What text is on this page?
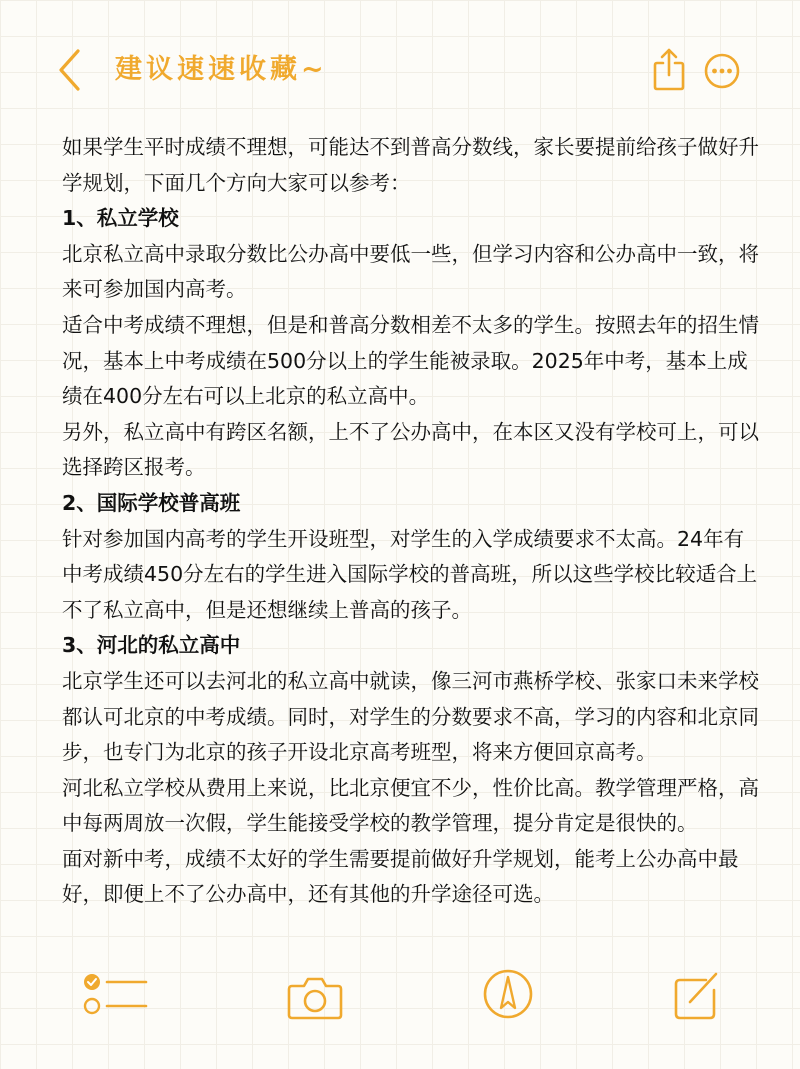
建议速速收藏~

如果学生平时成绩不理想，可能达不到普高分数线，家长要提前给孩子做好升学规划，下面几个方向大家可以参考：

1、私立学校

北京私立高中录取分数比公办高中要低一些，但学习内容和公办高中一致，将来可参加国内高考。

适合中考成绩不理想，但是和普高分数相差不太多的学生。按照去年的招生情况，基本上中考成绩在500分以上的学生能被录取。2025年中考，基本上成绩在400分左右可以上北京的私立高中。

另外，私立高中有跨区名额，上不了公办高中，在本区又没有学校可上，可以选择跨区报考。

2、国际学校普高班

针对参加国内高考的学生开设班型，对学生的入学成绩要求不太高。24年有中考成绩450分左右的学生进入国际学校的普高班，所以这些学校比较适合上不了私立高中，但是还想继续上普高的孩子。

3、河北的私立高中

北京学生还可以去河北的私立高中就读，像三河市燕桥学校、张家口未来学校都认可北京的中考成绩。同时，对学生的分数要求不高，学习的内容和北京同步，也专门为北京的孩子开设北京高考班型，将来方便回京高考。

河北私立学校从费用上来说，比北京便宜不少，性价比高。教学管理严格，高中每两周放一次假，学生能接受学校的教学管理，提分肯定是很快的。

面对新中考，成绩不太好的学生需要提前做好升学规划，能考上公办高中最好，即便上不了公办高中，还有其他的升学途径可选。
